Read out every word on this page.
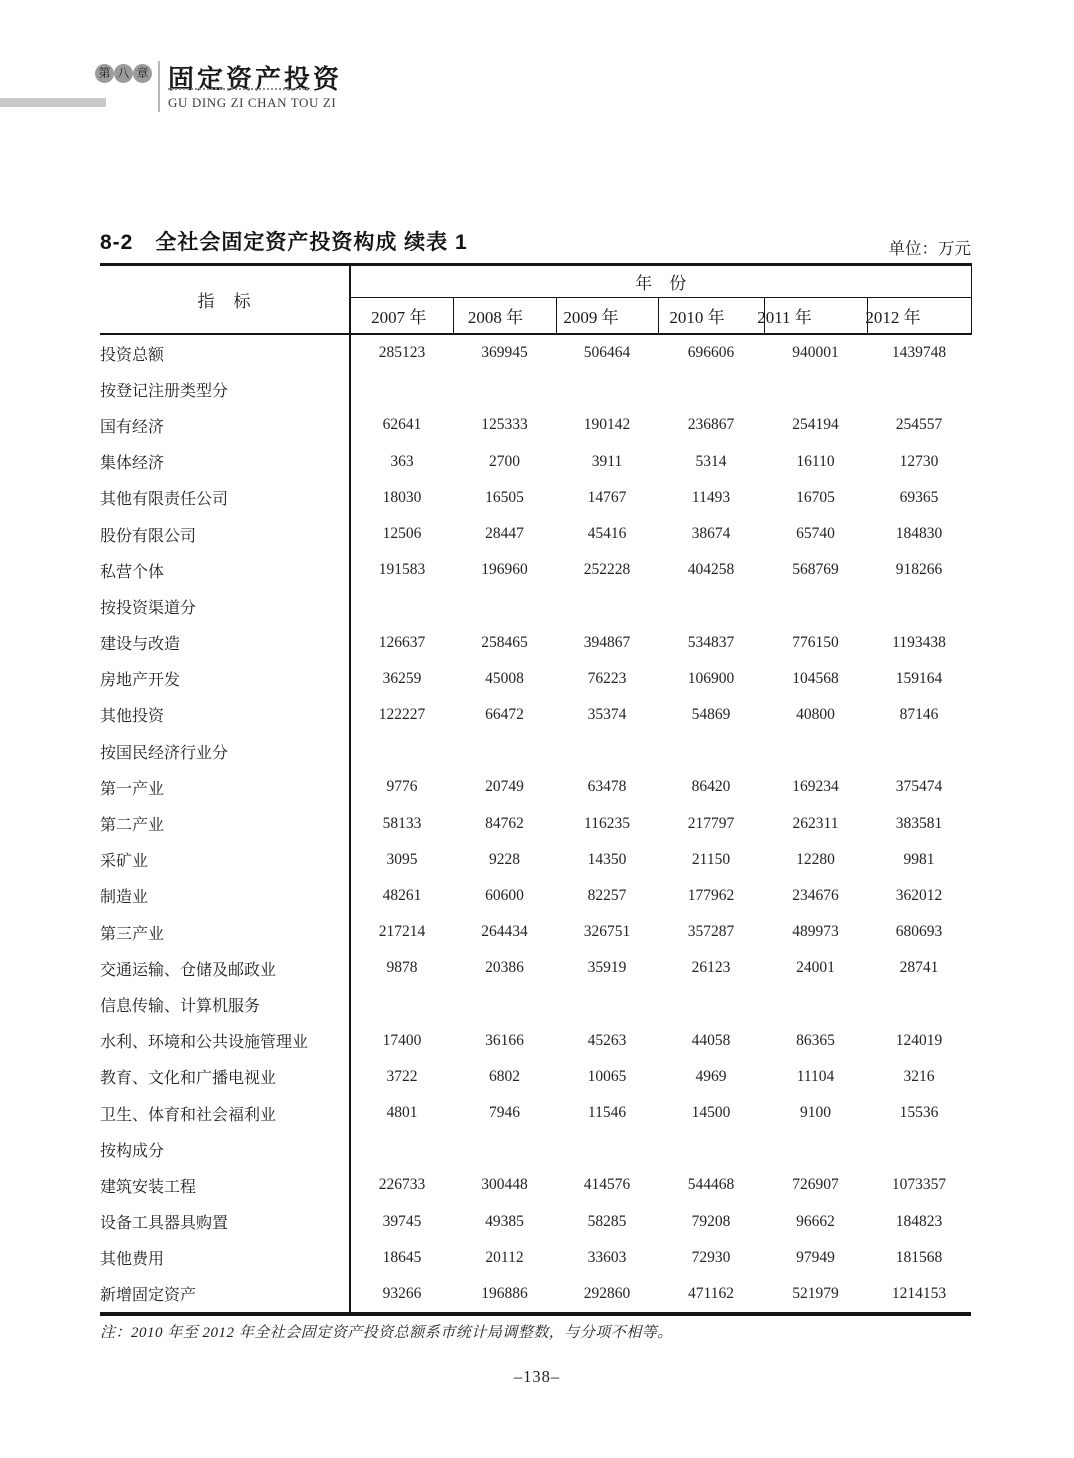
第 八 章 固定资产投资
GU DING ZI CHAN TOU ZI
8-2　全社会固定资产投资构成 续表 1	单位：万元
指　标	年　份					
	2007 年	2008 年	2009 年	2010 年	2011 年	2012 年
投资总额	285123	369945	506464	696606	940001	1439748
按登记注册类型分						
国有经济	62641	125333	190142	236867	254194	254557
集体经济	363	2700	3911	5314	16110	12730
其他有限责任公司	18030	16505	14767	11493	16705	69365
股份有限公司	12506	28447	45416	38674	65740	184830
私营个体	191583	196960	252228	404258	568769	918266
按投资渠道分						
建设与改造	126637	258465	394867	534837	776150	1193438
房地产开发	36259	45008	76223	106900	104568	159164
其他投资	122227	66472	35374	54869	40800	87146
按国民经济行业分						
第一产业	9776	20749	63478	86420	169234	375474
第二产业	58133	84762	116235	217797	262311	383581
采矿业	3095	9228	14350	21150	12280	9981
制造业	48261	60600	82257	177962	234676	362012
第三产业	217214	264434	326751	357287	489973	680693
交通运输、仓储及邮政业	9878	20386	35919	26123	24001	28741
信息传输、计算机服务						
水利、环境和公共设施管理业	17400	36166	45263	44058	86365	124019
教育、文化和广播电视业	3722	6802	10065	4969	11104	3216
卫生、体育和社会福利业	4801	7946	11546	14500	9100	15536
按构成分						
建筑安装工程	226733	300448	414576	544468	726907	1073357
设备工具器具购置	39745	49385	58285	79208	96662	184823
其他费用	18645	20112	33603	72930	97949	181568
新增固定资产	93266	196886	292860	471162	521979	1214153
注：2010 年至 2012 年全社会固定资产投资总额系市统计局调整数，与分项不相等。
–138–
